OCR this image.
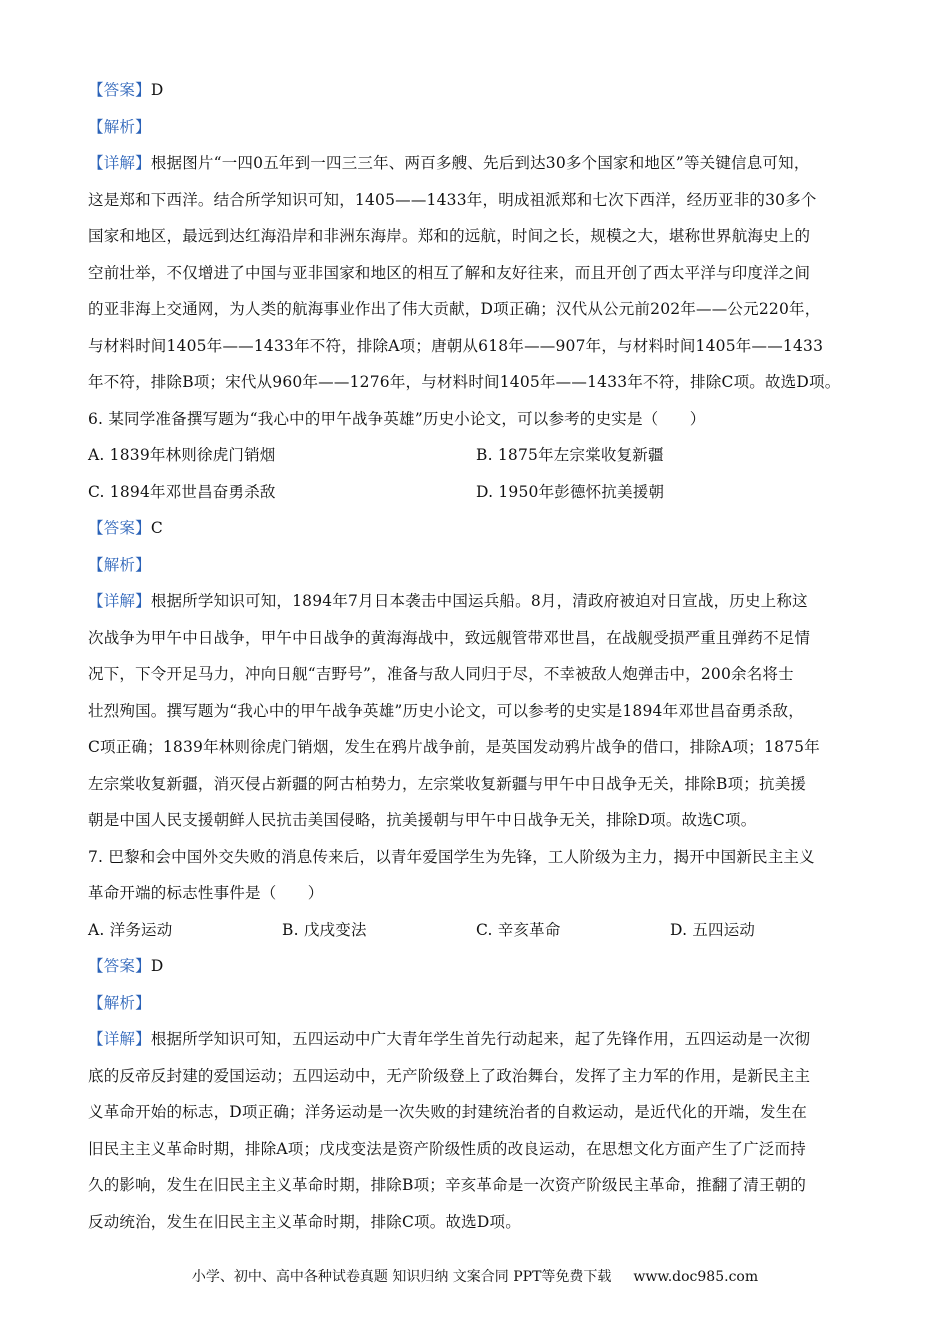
【答案】D
【解析】
【详解】根据图片“一四0五年到一四三三年、两百多艘、先后到达30多个国家和地区”等关键信息可知，
这是郑和下西洋。结合所学知识可知，1405——1433年，明成祖派郑和七次下西洋，经历亚非的30多个
国家和地区，最远到达红海沿岸和非洲东海岸。郑和的远航，时间之长，规模之大，堪称世界航海史上的
空前壮举，不仅增进了中国与亚非国家和地区的相互了解和友好往来，而且开创了西太平洋与印度洋之间
的亚非海上交通网，为人类的航海事业作出了伟大贡献，D项正确；汉代从公元前202年——公元220年，
与材料时间1405年——1433年不符，排除A项；唐朝从618年——907年，与材料时间1405年——1433
年不符，排除B项；宋代从960年——1276年，与材料时间1405年——1433年不符，排除C项。故选D项。
6. 某同学准备撰写题为“我心中的甲午战争英雄”历史小论文，可以参考的史实是（　　）
A. 1839年林则徐虎门销烟	B. 1875年左宗棠收复新疆
C. 1894年邓世昌奋勇杀敌	D. 1950年彭德怀抗美援朝
【答案】C
【解析】
【详解】根据所学知识可知，1894年7月日本袭击中国运兵船。8月，清政府被迫对日宣战，历史上称这
次战争为甲午中日战争，甲午中日战争的黄海海战中，致远舰管带邓世昌，在战舰受损严重且弹药不足情
况下，下令开足马力，冲向日舰“吉野号”，准备与敌人同归于尽，不幸被敌人炮弹击中，200余名将士
壮烈殉国。撰写题为“我心中的甲午战争英雄”历史小论文，可以参考的史实是1894年邓世昌奋勇杀敌，
C项正确；1839年林则徐虎门销烟，发生在鸦片战争前，是英国发动鸦片战争的借口，排除A项；1875年
左宗棠收复新疆，消灭侵占新疆的阿古柏势力，左宗棠收复新疆与甲午中日战争无关，排除B项；抗美援
朝是中国人民支援朝鲜人民抗击美国侵略，抗美援朝与甲午中日战争无关，排除D项。故选C项。
7. 巴黎和会中国外交失败的消息传来后，以青年爱国学生为先锋，工人阶级为主力，揭开中国新民主主义
革命开端的标志性事件是（　　）
A. 洋务运动	B. 戊戌变法	C. 辛亥革命	D. 五四运动
【答案】D
【解析】
【详解】根据所学知识可知，五四运动中广大青年学生首先行动起来，起了先锋作用，五四运动是一次彻
底的反帝反封建的爱国运动；五四运动中，无产阶级登上了政治舞台，发挥了主力军的作用，是新民主主
义革命开始的标志，D项正确；洋务运动是一次失败的封建统治者的自救运动，是近代化的开端，发生在
旧民主主义革命时期，排除A项；戊戌变法是资产阶级性质的改良运动，在思想文化方面产生了广泛而持
久的影响，发生在旧民主主义革命时期，排除B项；辛亥革命是一次资产阶级民主革命，推翻了清王朝的
反动统治，发生在旧民主主义革命时期，排除C项。故选D项。
小学、初中、高中各种试卷真题 知识归纳 文案合同 PPT等免费下载 www.doc985.com
